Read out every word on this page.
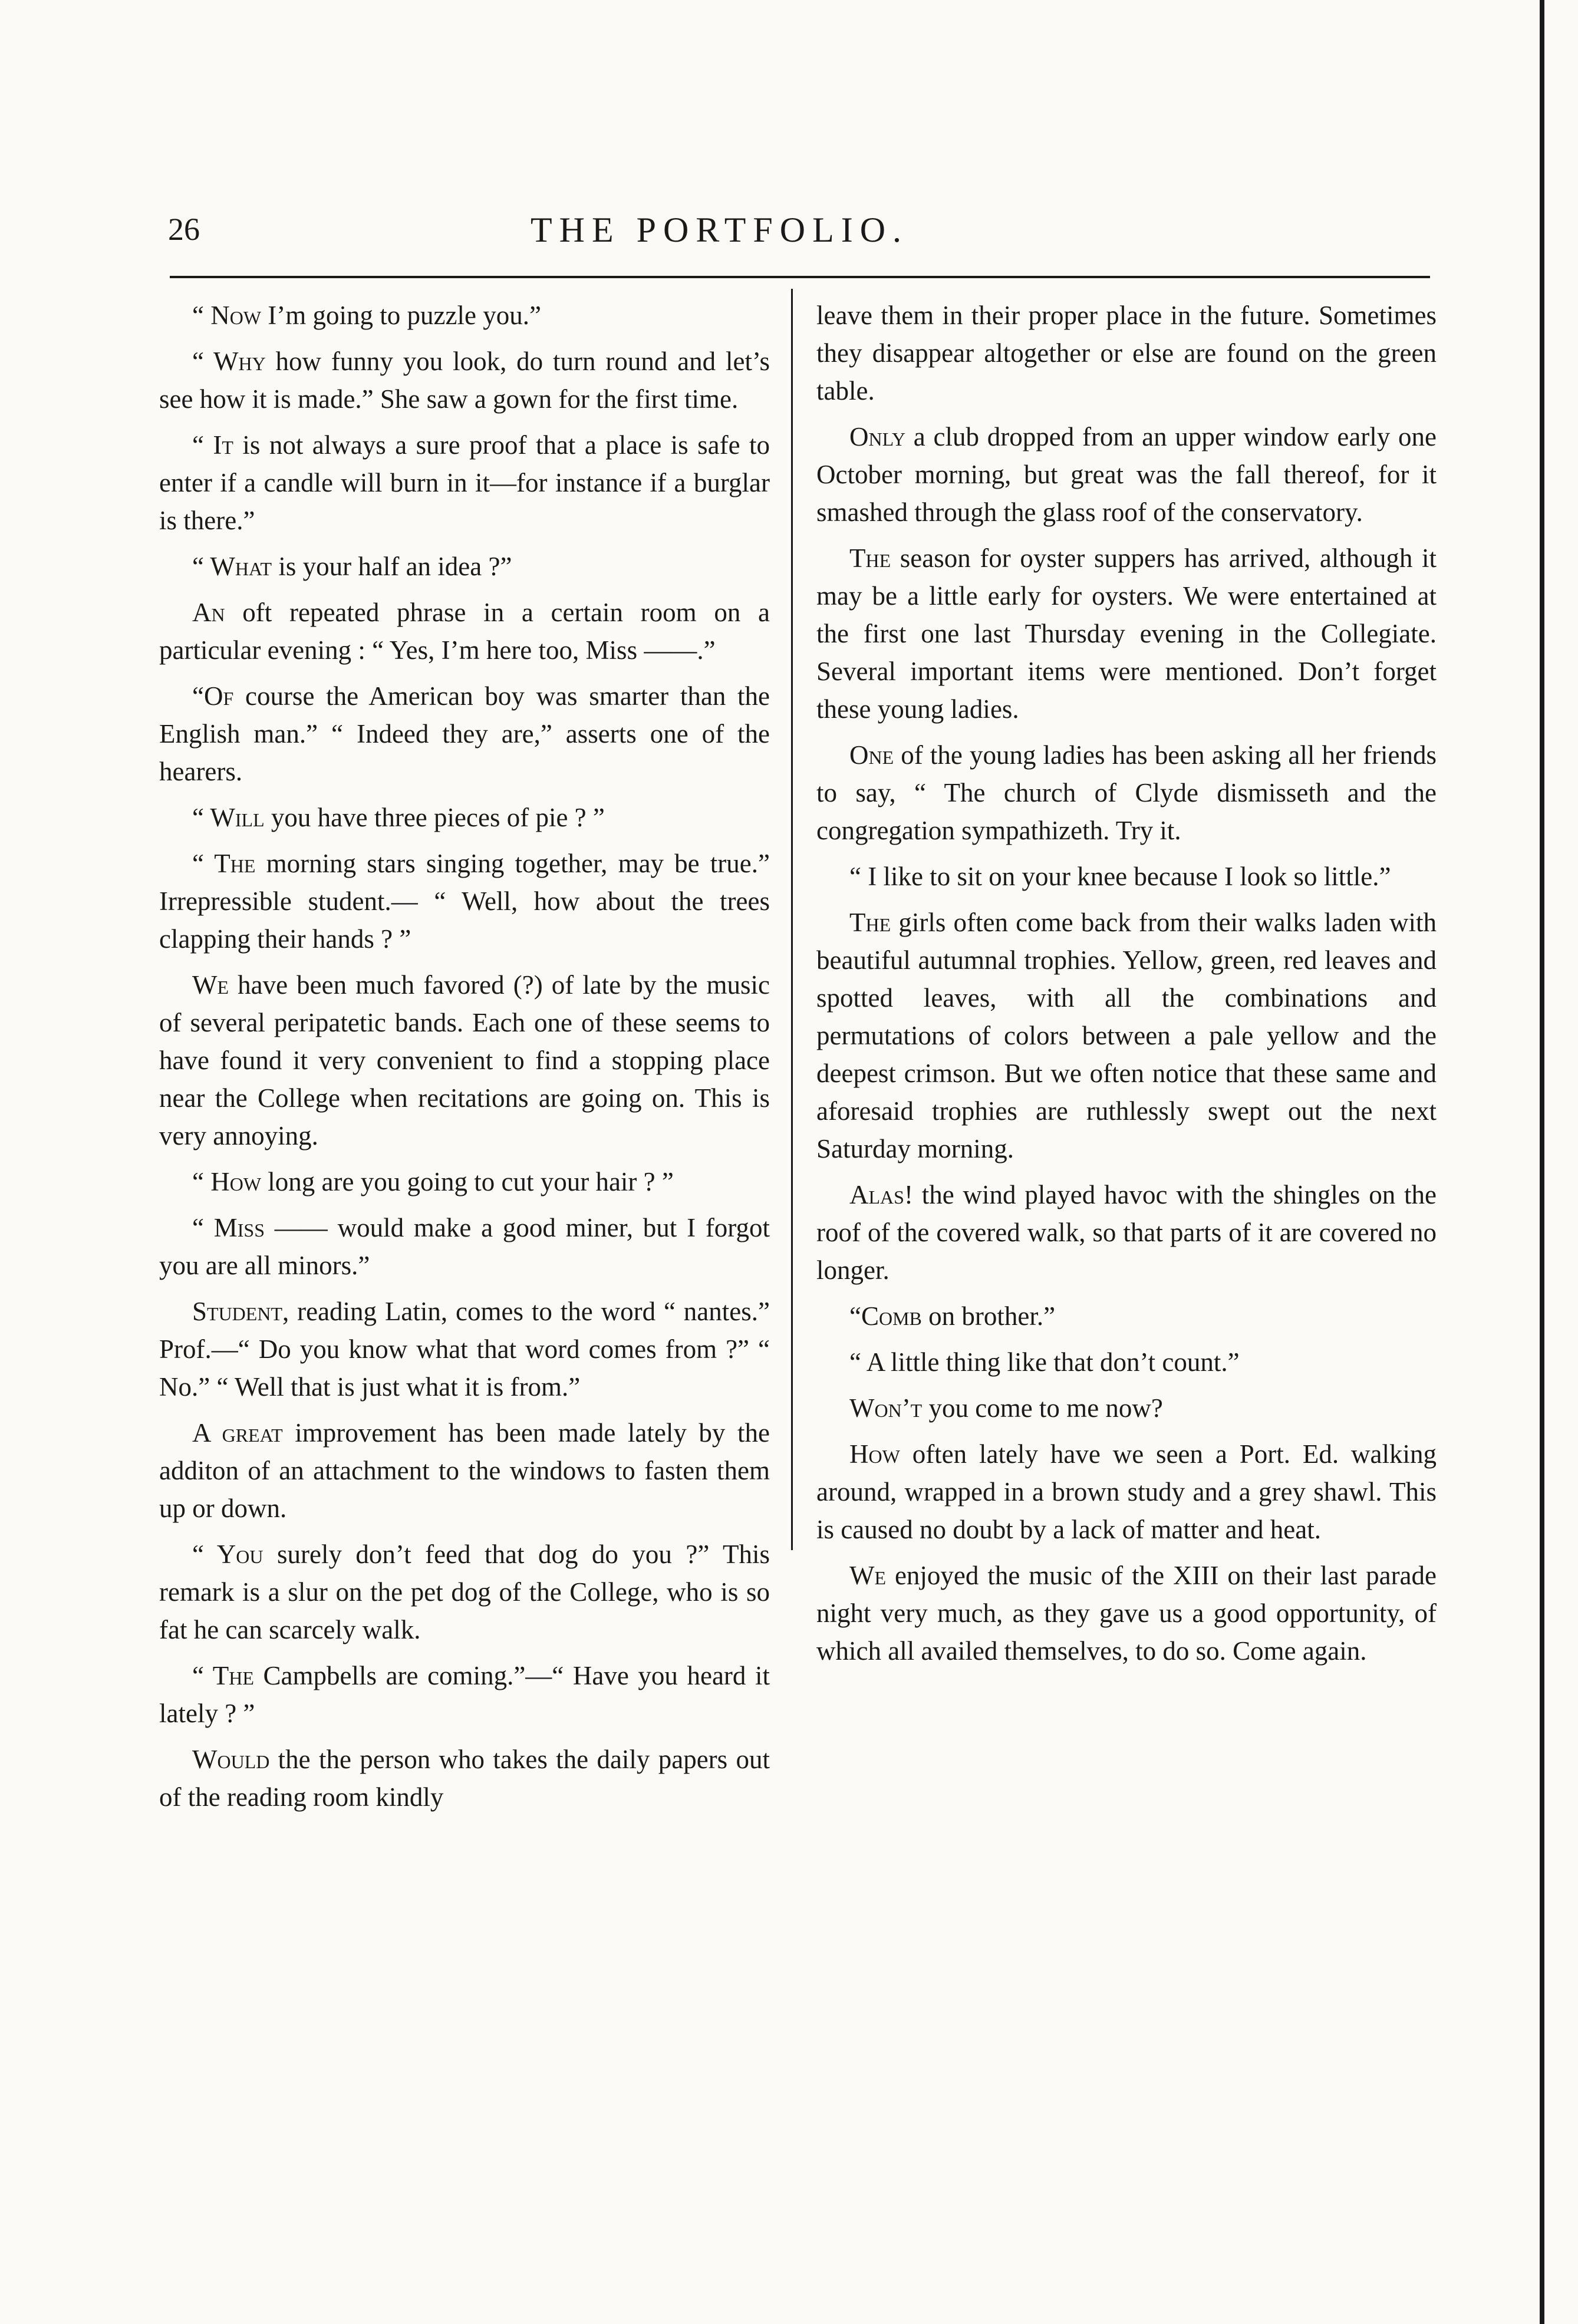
26	THE PORTFOLIO.

“ Now I’m going to puzzle you.”

“ Why how funny you look, do turn round and let’s see how it is made.” She saw a gown for the first time.

“ It is not always a sure proof that a place is safe to enter if a candle will burn in it—for instance if a burglar is there.”

“ What is your half an idea ?”

An oft repeated phrase in a certain room on a particular evening : “ Yes, I’m here too, Miss ——.”

“Of course the American boy was smarter than the English man.” “ Indeed they are,” asserts one of the hearers.

“ Will you have three pieces of pie ? ”

“ The morning stars singing together, may be true.” Irrepressible student.— “ Well, how about the trees clapping their hands ? ”

We have been much favored (?) of late by the music of several peripatetic bands. Each one of these seems to have found it very convenient to find a stopping place near the College when recitations are going on. This is very annoying.

“ How long are you going to cut your hair ? ”

“ Miss —— would make a good miner, but I forgot you are all minors.”

Student, reading Latin, comes to the word “ nantes.” Prof.—“ Do you know what that word comes from ?” “ No.” “ Well that is just what it is from.”

A great improvement has been made lately by the additon of an attachment to the windows to fasten them up or down.

“ You surely don’t feed that dog do you ?” This remark is a slur on the pet dog of the College, who is so fat he can scarcely walk.

“ The Campbells are coming.”—“ Have you heard it lately ? ”

Would the the person who takes the daily papers out of the reading room kindly

leave them in their proper place in the future. Sometimes they disappear altogether or else are found on the green table.

Only a club dropped from an upper window early one October morning, but great was the fall thereof, for it smashed through the glass roof of the conservatory.

The season for oyster suppers has arrived, although it may be a little early for oysters. We were entertained at the first one last Thursday evening in the Collegiate. Several important items were mentioned. Don’t forget these young ladies.

One of the young ladies has been asking all her friends to say, “ The church of Clyde dismisseth and the congregation sympathizeth. Try it.

“ I like to sit on your knee because I look so little.”

The girls often come back from their walks laden with beautiful autumnal trophies. Yellow, green, red leaves and spotted leaves, with all the combinations and permutations of colors between a pale yellow and the deepest crimson. But we often notice that these same and aforesaid trophies are ruthlessly swept out the next Saturday morning.

Alas! the wind played havoc with the shingles on the roof of the covered walk, so that parts of it are covered no longer.

“Comb on brother.”

“ A little thing like that don’t count.”

Won’t you come to me now?

How often lately have we seen a Port. Ed. walking around, wrapped in a brown study and a grey shawl. This is caused no doubt by a lack of matter and heat.

We enjoyed the music of the XIII on their last parade night very much, as they gave us a good opportunity, of which all availed themselves, to do so. Come again.
